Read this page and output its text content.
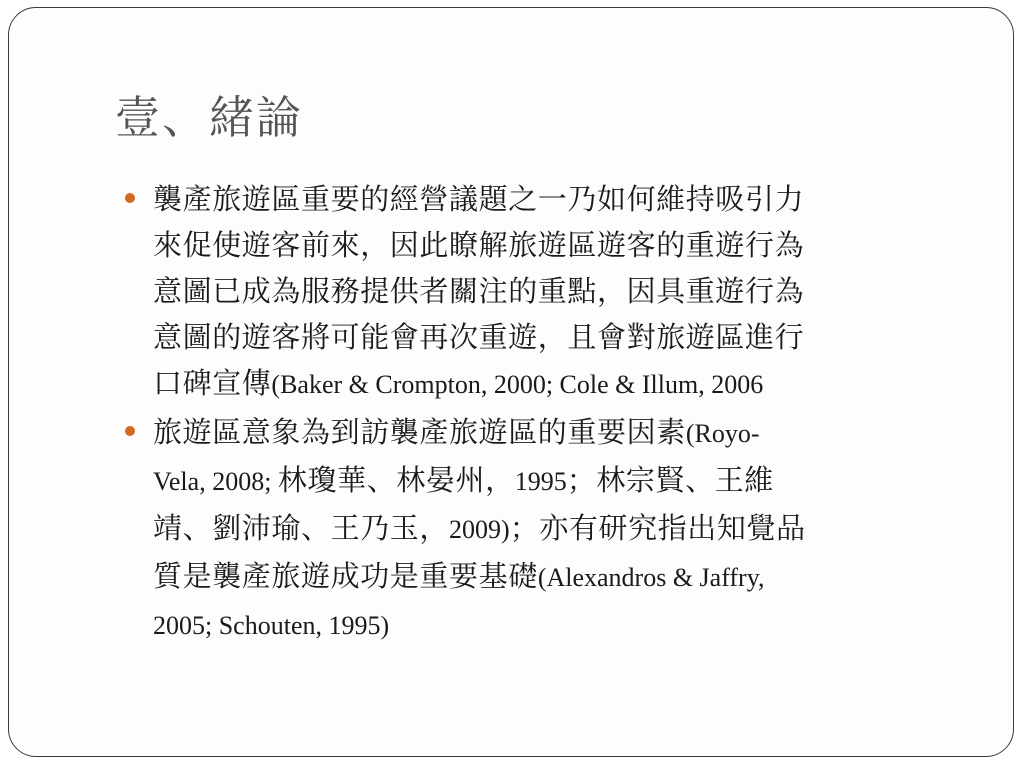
壹、緒論
襲產旅遊區重要的經營議題之一乃如何維持吸引力
來促使遊客前來，因此瞭解旅遊區遊客的重遊行為
意圖已成為服務提供者關注的重點，因具重遊行為
意圖的遊客將可能會再次重遊，且會對旅遊區進行
口碑宣傳(Baker & Crompton, 2000; Cole & Illum, 2006
旅遊區意象為到訪襲產旅遊區的重要因素(Royo-
Vela, 2008; 林瓊華、林晏州，1995；林宗賢、王維
靖、劉沛瑜、王乃玉，2009)；亦有研究指出知覺品
質是襲產旅遊成功是重要基礎(Alexandros & Jaffry,
2005; Schouten, 1995)
